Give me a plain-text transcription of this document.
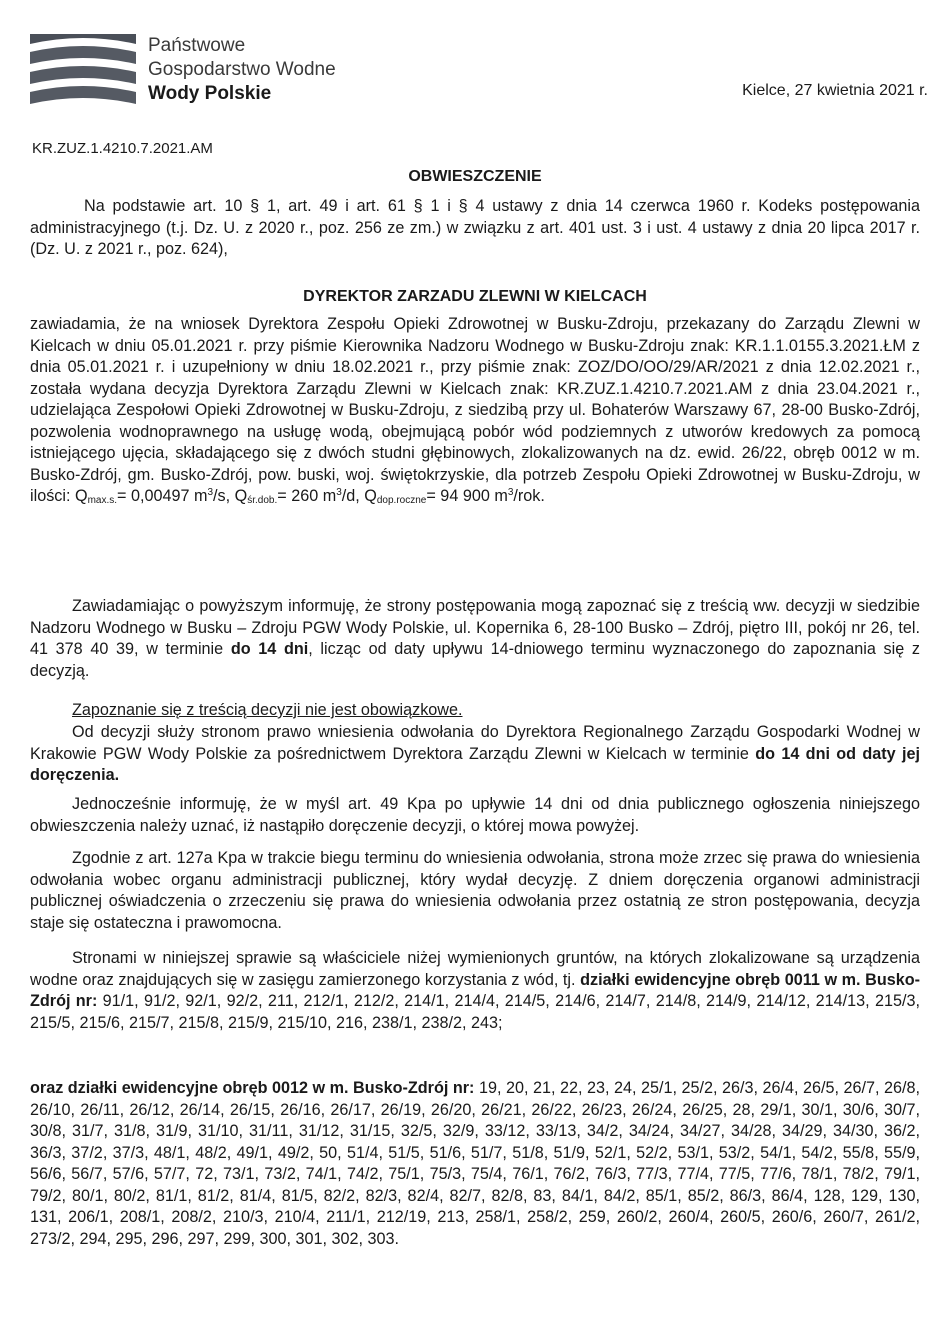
Państwowe
Gospodarstwo Wodne
Wody Polskie	Kielce, 27 kwietnia 2021 r.
KR.ZUZ.1.4210.7.2021.AM
OBWIESZCZENIE
Na podstawie art. 10 § 1, art. 49 i art. 61 § 1 i § 4 ustawy z dnia 14 czerwca 1960 r. Kodeks postępowania administracyjnego (t.j. Dz. U. z 2020 r., poz. 256 ze zm.) w związku z art. 401 ust. 3 i ust. 4 ustawy z dnia 20 lipca 2017 r. (Dz. U. z 2021 r., poz. 624),
DYREKTOR ZARZADU ZLEWNI W KIELCACH
zawiadamia, że na wniosek Dyrektora Zespołu Opieki Zdrowotnej w Busku-Zdroju, przekazany do Zarządu Zlewni w Kielcach w dniu 05.01.2021 r. przy piśmie Kierownika Nadzoru Wodnego w Busku-Zdroju znak: KR.1.1.0155.3.2021.ŁM z dnia 05.01.2021 r. i uzupełniony w dniu 18.02.2021 r., przy piśmie znak: ZOZ/DO/OO/29/AR/2021 z dnia 12.02.2021 r., została wydana decyzja Dyrektora Zarządu Zlewni w Kielcach znak: KR.ZUZ.1.4210.7.2021.AM z dnia 23.04.2021 r., udzielająca Zespołowi Opieki Zdrowotnej w Busku-Zdroju, z siedzibą przy ul. Bohaterów Warszawy 67, 28-00 Busko-Zdrój, pozwolenia wodnoprawnego na usługę wodą, obejmującą pobór wód podziemnych z utworów kredowych za pomocą istniejącego ujęcia, składającego się z dwóch studni głębinowych, zlokalizowanych na dz. ewid. 26/22, obręb 0012 w m. Busko-Zdrój, gm. Busko-Zdrój, pow. buski, woj. świętokrzyskie, dla potrzeb Zespołu Opieki Zdrowotnej w Busku-Zdroju, w ilości: $Q_{max.s.}= 0,00497$ $m^3/s$, $Q_{śr.dob.}= 260$ $m^3/d$, $Q_{dop.roczne}= 94$ 900 $m^3$/rok.
Zawiadamiając o powyższym informuję, że strony postępowania mogą zapoznać się z treścią ww. decyzji w siedzibie Nadzoru Wodnego w Busku – Zdroju PGW Wody Polskie, ul. Kopernika 6, 28-100 Busko – Zdrój, piętro III, pokój nr 26, tel. 41 378 40 39, w terminie do 14 dni, licząc od daty upływu 14-dniowego terminu wyznaczonego do zapoznania się z decyzją.
Zapoznanie się z treścią decyzji nie jest obowiązkowe.
Od decyzji służy stronom prawo wniesienia odwołania do Dyrektora Regionalnego Zarządu Gospodarki Wodnej w Krakowie PGW Wody Polskie za pośrednictwem Dyrektora Zarządu Zlewni w Kielcach w terminie do 14 dni od daty jej doręczenia.
Jednocześnie informuję, że w myśl art. 49 Kpa po upływie 14 dni od dnia publicznego ogłoszenia niniejszego obwieszczenia należy uznać, iż nastąpiło doręczenie decyzji, o której mowa powyżej.
Zgodnie z art. 127a Kpa w trakcie biegu terminu do wniesienia odwołania, strona może zrzec się prawa do wniesienia odwołania wobec organu administracji publicznej, który wydał decyzję. Z dniem doręczenia organowi administracji publicznej oświadczenia o zrzeczeniu się prawa do wniesienia odwołania przez ostatnią ze stron postępowania, decyzja staje się ostateczna i prawomocna.
Stronami w niniejszej sprawie są właściciele niżej wymienionych gruntów, na których zlokalizowane są urządzenia wodne oraz znajdujących się w zasięgu zamierzonego korzystania z wód, tj. działki ewidencyjne obręb 0011 w m. Busko-Zdrój nr: 91/1, 91/2, 92/1, 92/2, 211, 212/1, 212/2, 214/1, 214/4, 214/5, 214/6, 214/7, 214/8, 214/9, 214/12, 214/13, 215/3, 215/5, 215/6, 215/7, 215/8, 215/9, 215/10, 216, 238/1, 238/2, 243;
oraz działki ewidencyjne obręb 0012 w m. Busko-Zdrój nr: 19, 20, 21, 22, 23, 24, 25/1, 25/2, 26/3, 26/4, 26/5, 26/7, 26/8, 26/10, 26/11, 26/12, 26/14, 26/15, 26/16, 26/17, 26/19, 26/20, 26/21, 26/22, 26/23, 26/24, 26/25, 28, 29/1, 30/1, 30/6, 30/7, 30/8, 31/7, 31/8, 31/9, 31/10, 31/11, 31/12, 31/15, 32/5, 32/9, 33/12, 33/13, 34/2, 34/24, 34/27, 34/28, 34/29, 34/30, 36/2, 36/3, 37/2, 37/3, 48/1, 48/2, 49/1, 49/2, 50, 51/4, 51/5, 51/6, 51/7, 51/8, 51/9, 52/1, 52/2, 53/1, 53/2, 54/1, 54/2, 55/8, 55/9, 56/6, 56/7, 57/6, 57/7, 72, 73/1, 73/2, 74/1, 74/2, 75/1, 75/3, 75/4, 76/1, 76/2, 76/3, 77/3, 77/4, 77/5, 77/6, 78/1, 78/2, 79/1, 79/2, 80/1, 80/2, 81/1, 81/2, 81/4, 81/5, 82/2, 82/3, 82/4, 82/7, 82/8, 83, 84/1, 84/2, 85/1, 85/2, 86/3, 86/4, 128, 129, 130, 131, 206/1, 208/1, 208/2, 210/3, 210/4, 211/1, 212/19, 213, 258/1, 258/2, 259, 260/2, 260/4, 260/5, 260/6, 260/7, 261/2, 273/2, 294, 295, 296, 297, 299, 300, 301, 302, 303.
